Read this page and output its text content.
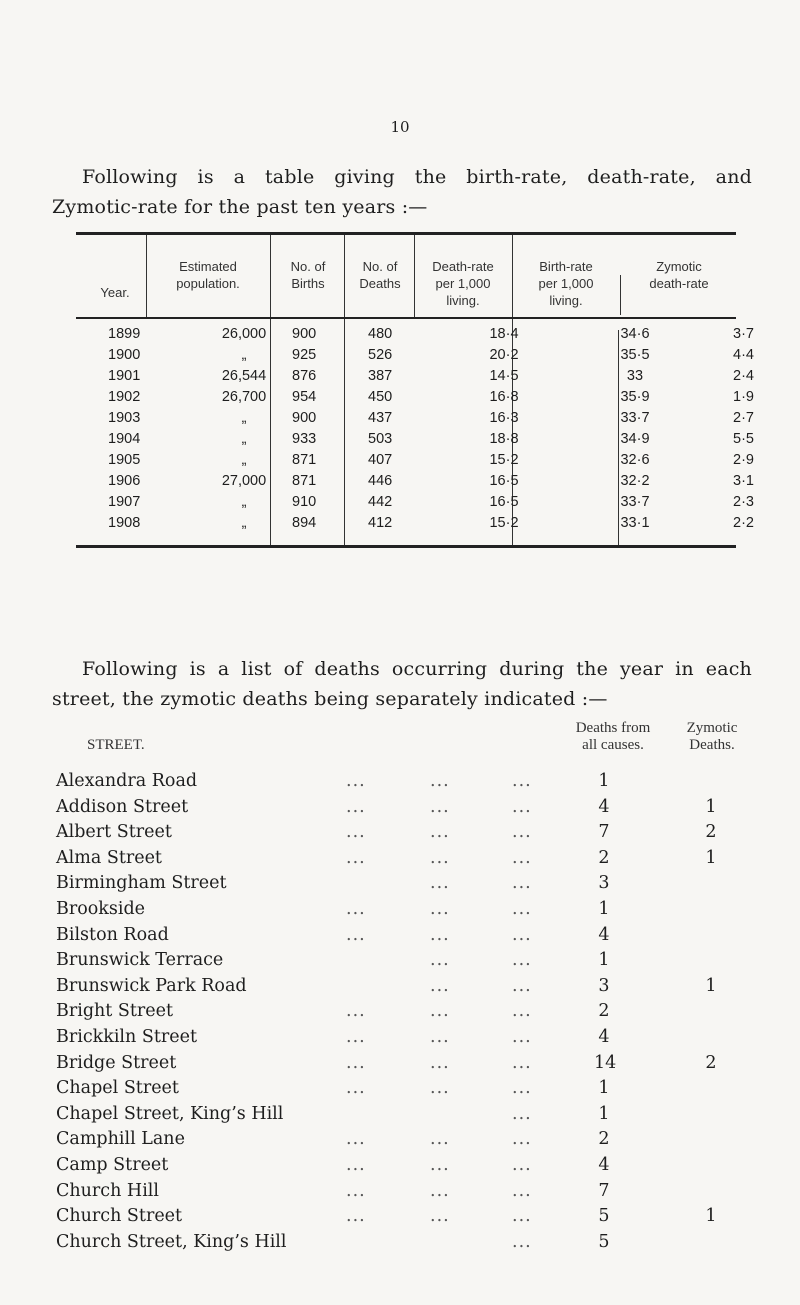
10
Following is a table giving the birth-rate, death-rate, and
Zymotic-rate for the past ten years :—
Year.
Estimated
population.
No. of
Births
No. of
Deaths
Death-rate
per 1,000
living.
Birth-rate
per 1,000
living.
Zymotic
death-rate
1899	26,000	900	480	18·4	34·6	3·7
1900	„	925	526	20·2	35·5	4·4
1901	26,544	876	387	14·5	33	2·4
1902	26,700	954	450	16·8	35·9	1·9
1903	„	900	437	16·3	33·7	2·7
1904	„	933	503	18·8	34·9	5·5
1905	„	871	407	15·2	32·6	2·9
1906	27,000	871	446	16·5	32·2	3·1
1907	„	910	442	16·5	33·7	2·3
1908	„	894	412	15·2	33·1	2·2
Following is a list of deaths occurring during the year in each
street, the zymotic deaths being separately indicated :—
STREET.
Deaths from
all causes.
Zymotic
Deaths.
Alexandra Road	...	...	...	1
Addison Street	...	...	...	4	1
Albert Street	...	...	...	7	2
Alma Street	...	...	...	2	1
Birmingham Street	...	...	3
Brookside	...	...	...	1
Bilston Road	...	...	...	4
Brunswick Terrace	...	...	1
Brunswick Park Road	...	...	3	1
Bright Street	...	...	...	2
Brickkiln Street	...	...	...	4
Bridge Street	...	...	...	14	2
Chapel Street	...	...	...	1
Chapel Street, King’s Hill	...	1
Camphill Lane	...	...	...	2
Camp Street	...	...	...	4
Church Hill	...	...	...	7
Church Street	...	...	...	5	1
Church Street, King’s Hill	...	5
